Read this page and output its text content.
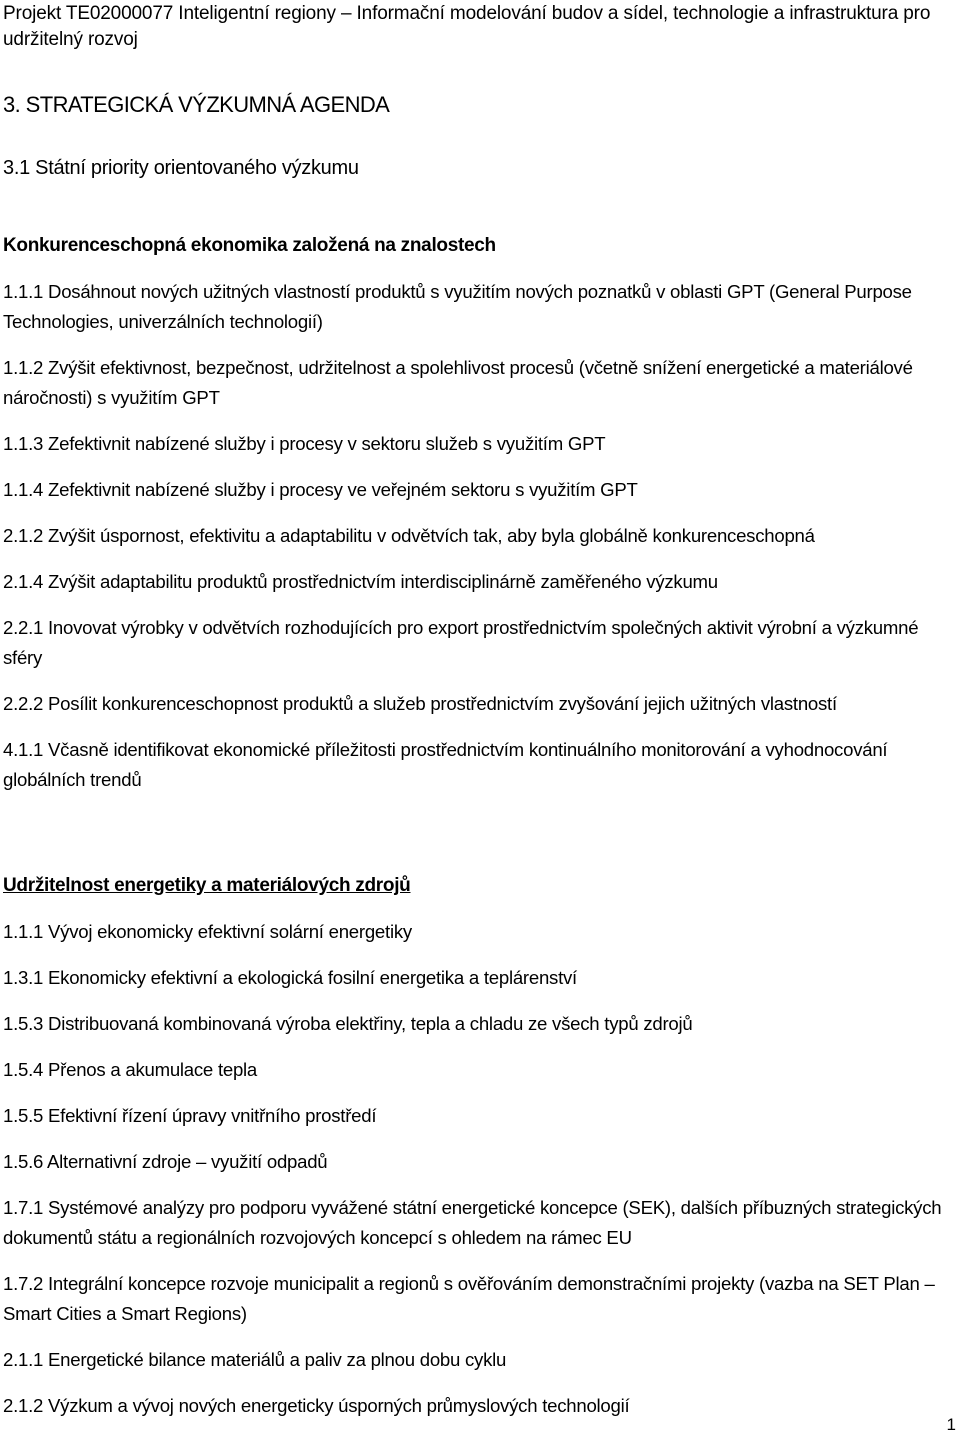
Projekt TE02000077 Inteligentní regiony – Informační modelování budov a sídel, technologie a infrastruktura pro udržitelný rozvoj

3. STRATEGICKÁ VÝZKUMNÁ AGENDA
3.1 Státní priority orientovaného výzkumu
Konkurenceschopná ekonomika založená na znalostech
1.1.1 Dosáhnout nových užitných vlastností produktů s využitím nových poznatků v oblasti GPT (General Purpose Technologies, univerzálních technologií)
1.1.2 Zvýšit efektivnost, bezpečnost, udržitelnost a spolehlivost procesů (včetně snížení energetické a materiálové náročnosti) s využitím GPT
1.1.3 Zefektivnit nabízené služby i procesy v sektoru služeb s využitím GPT
1.1.4 Zefektivnit nabízené služby i procesy ve veřejném sektoru s využitím GPT
2.1.2 Zvýšit úspornost, efektivitu a adaptabilitu v odvětvích tak, aby byla globálně konkurenceschopná
2.1.4 Zvýšit adaptabilitu produktů prostřednictvím interdisciplinárně zaměřeného výzkumu
2.2.1 Inovovat výrobky v odvětvích rozhodujících pro export prostřednictvím společných aktivit výrobní a výzkumné sféry
2.2.2 Posílit konkurenceschopnost produktů a služeb prostřednictvím zvyšování jejich užitných vlastností
4.1.1 Včasně identifikovat ekonomické příležitosti prostřednictvím kontinuálního monitorování a vyhodnocování globálních trendů
Udržitelnost energetiky a materiálových zdrojů
1.1.1 Vývoj ekonomicky efektivní solární energetiky
1.3.1 Ekonomicky efektivní a ekologická fosilní energetika a teplárenství
1.5.3 Distribuovaná kombinovaná výroba elektřiny, tepla a chladu ze všech typů zdrojů
1.5.4 Přenos a akumulace tepla
1.5.5 Efektivní řízení úpravy vnitřního prostředí
1.5.6 Alternativní zdroje – využití odpadů
1.7.1 Systémové analýzy pro podporu vyvážené státní energetické koncepce (SEK), dalších příbuzných strategických dokumentů státu a regionálních rozvojových koncepcí s ohledem na rámec EU
1.7.2 Integrální koncepce rozvoje municipalit a regionů s ověřováním demonstračními projekty (vazba na SET Plan – Smart Cities a Smart Regions)
2.1.1 Energetické bilance materiálů a paliv za plnou dobu cyklu
2.1.2 Výzkum a vývoj nových energeticky úsporných průmyslových technologií
1
